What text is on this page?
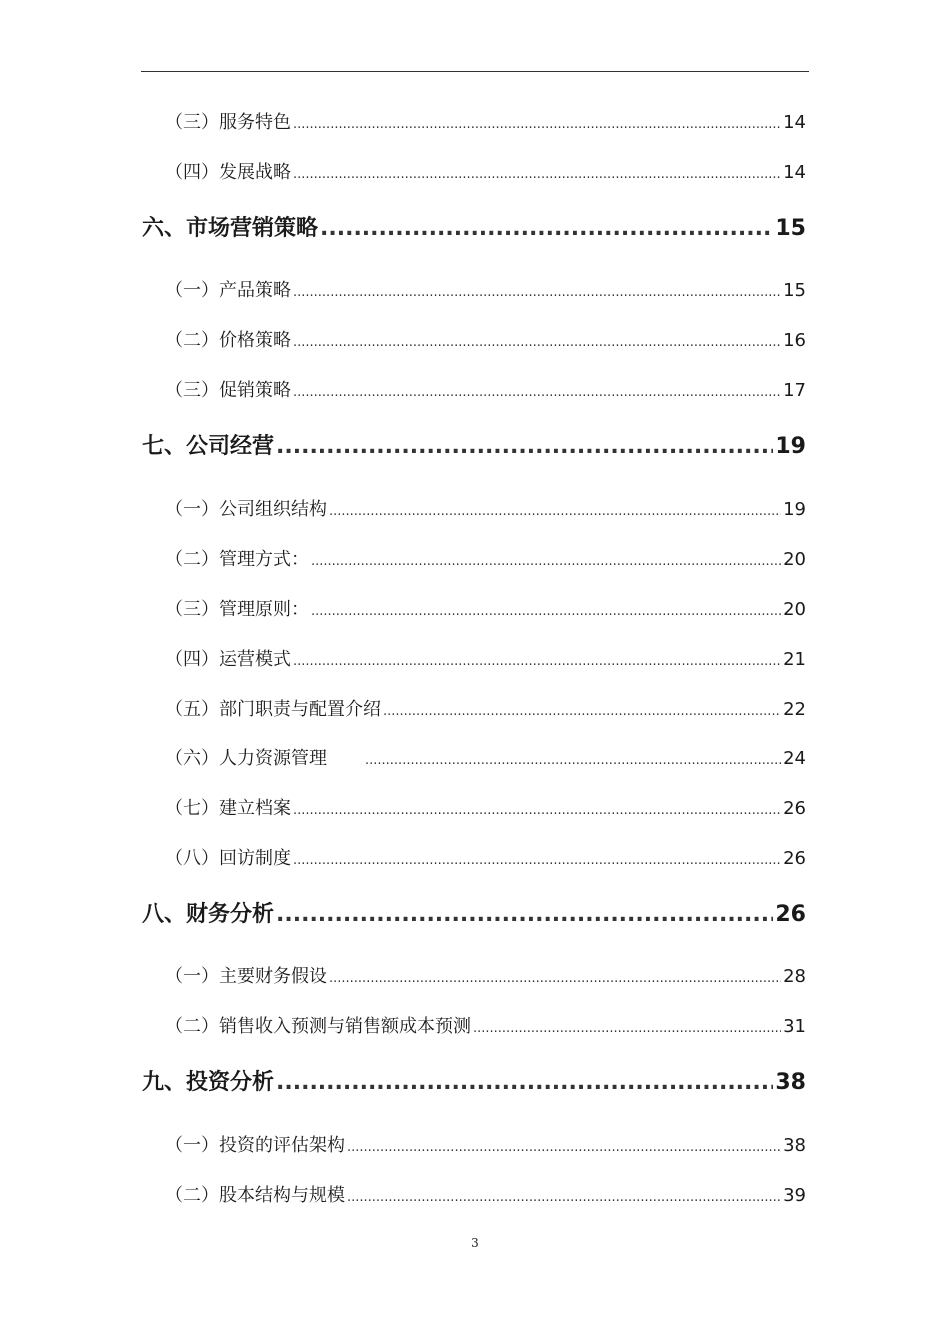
（三）服务特色 .....	14
（四）发展战略 .....	14
六、市场营销策略 .....	15
（一）产品策略 .....	15
（二）价格策略 .....	16
（三）促销策略 .....	17
七、公司经营 .....	19
（一）公司组织结构 .....	19
（二）管理方式： .....	20
（三）管理原则： .....	20
（四）运营模式 .....	21
（五）部门职责与配置介绍 .....	22
（六）人力资源管理 .....	24
（七）建立档案 .....	26
（八）回访制度 .....	26
八、财务分析 .....	26
（一）主要财务假设 .....	28
（二）销售收入预测与销售额成本预测 .....	31
九、投资分析 .....	38
（一）投资的评估架构 .....	38
（二）股本结构与规模 .....	39
3
